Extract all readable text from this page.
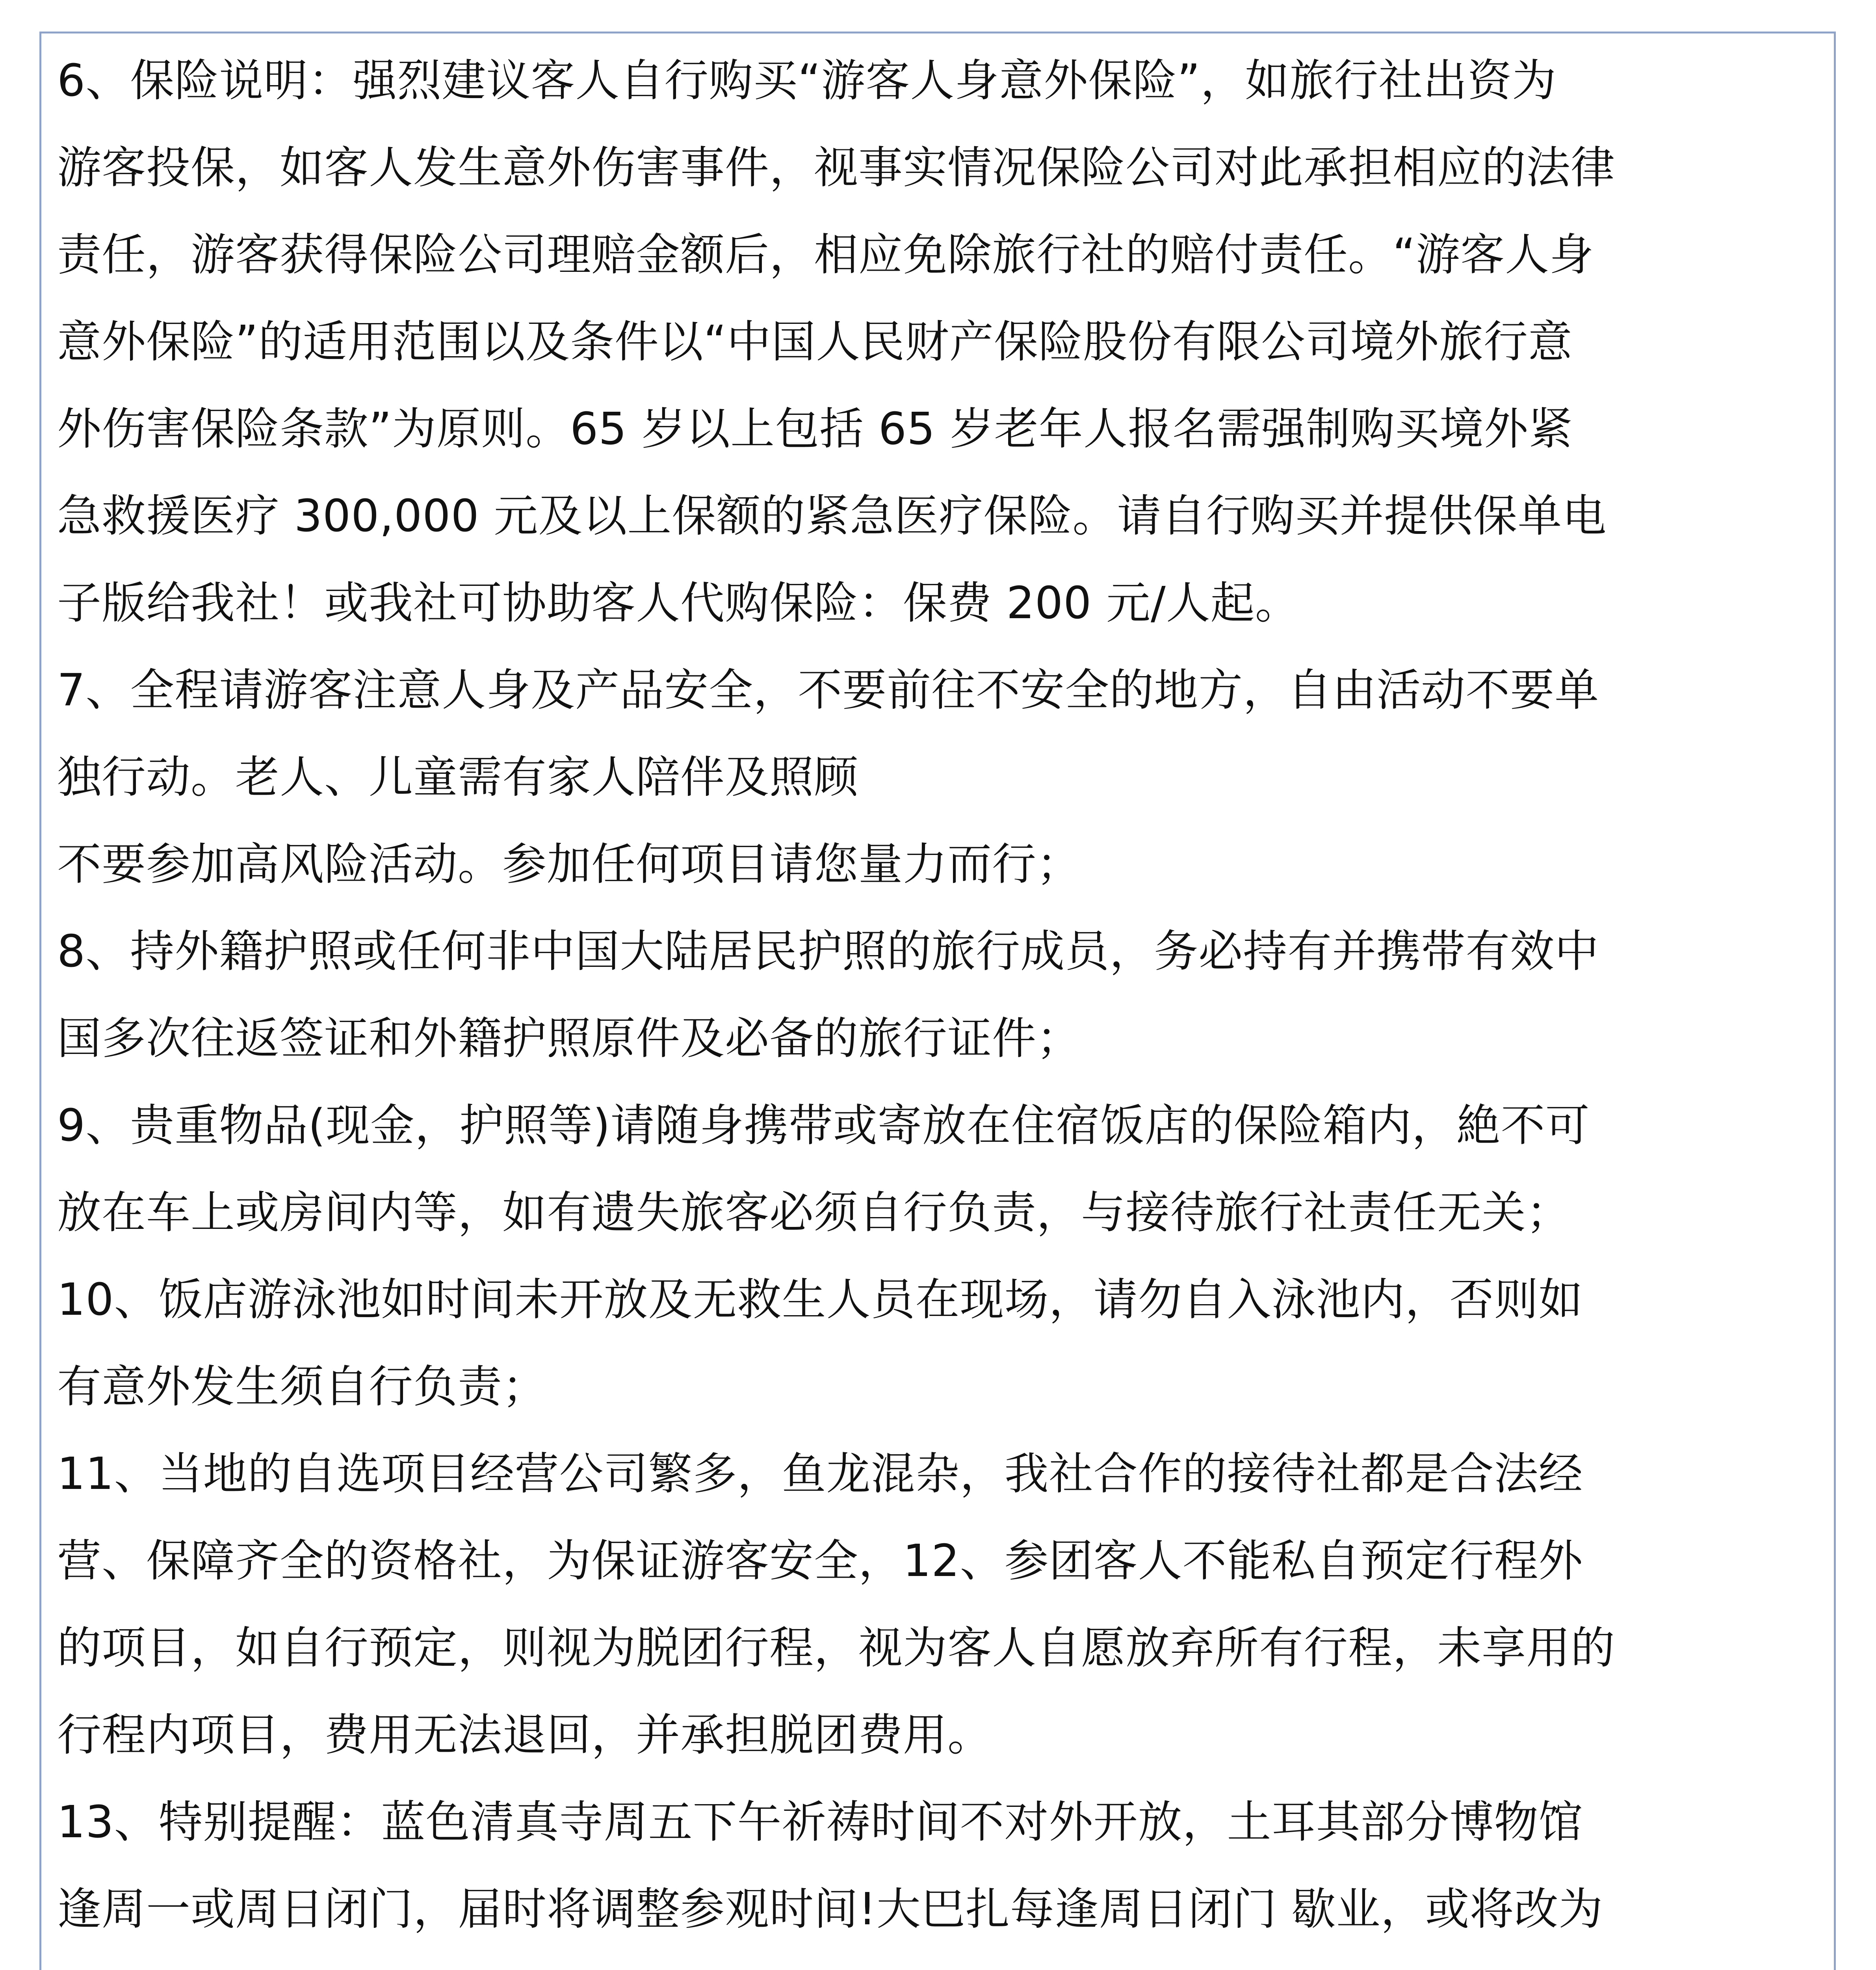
6、保险说明：强烈建议客人自行购买“游客人身意外保险”，如旅行社出资为
游客投保，如客人发生意外伤害事件，视事实情况保险公司对此承担相应的法律
责任，游客获得保险公司理赔金额后，相应免除旅行社的赔付责任。“游客人身
意外保险”的适用范围以及条件以“中国人民财产保险股份有限公司境外旅行意
外伤害保险条款”为原则。65 岁以上包括 65 岁老年人报名需强制购买境外紧
急救援医疗 300,000 元及以上保额的紧急医疗保险。请自行购买并提供保单电
子版给我社！或我社可协助客人代购保险：保费 200 元/人起。
7、全程请游客注意人身及产品安全，不要前往不安全的地方，自由活动不要单
独行动。老人、儿童需有家人陪伴及照顾
不要参加高风险活动。参加任何项目请您量力而行；
8、持外籍护照或任何非中国大陆居民护照的旅行成员，务必持有并携带有效中
国多次往返签证和外籍护照原件及必备的旅行证件；
9、贵重物品(现金，护照等)请随身携带或寄放在住宿饭店的保险箱内，絶不可
放在车上或房间内等，如有遗失旅客必须自行负责，与接待旅行社责任无关；
10、饭店游泳池如时间未开放及无救生人员在现场，请勿自入泳池内，否则如
有意外发生须自行负责；
11、当地的自选项目经营公司繁多，鱼龙混杂，我社合作的接待社都是合法经
营、保障齐全的资格社，为保证游客安全，12、参团客人不能私自预定行程外
的项目，如自行预定，则视为脱团行程，视为客人自愿放弃所有行程，未享用的
行程内项目，费用无法退回，并承担脱团费用。
13、特别提醒：蓝色清真寺周五下午祈祷时间不对外开放，土耳其部分博物馆
逢周一或周日闭门，届时将调整参观时间!大巴扎每逢周日闭门 歇业，或将改为
